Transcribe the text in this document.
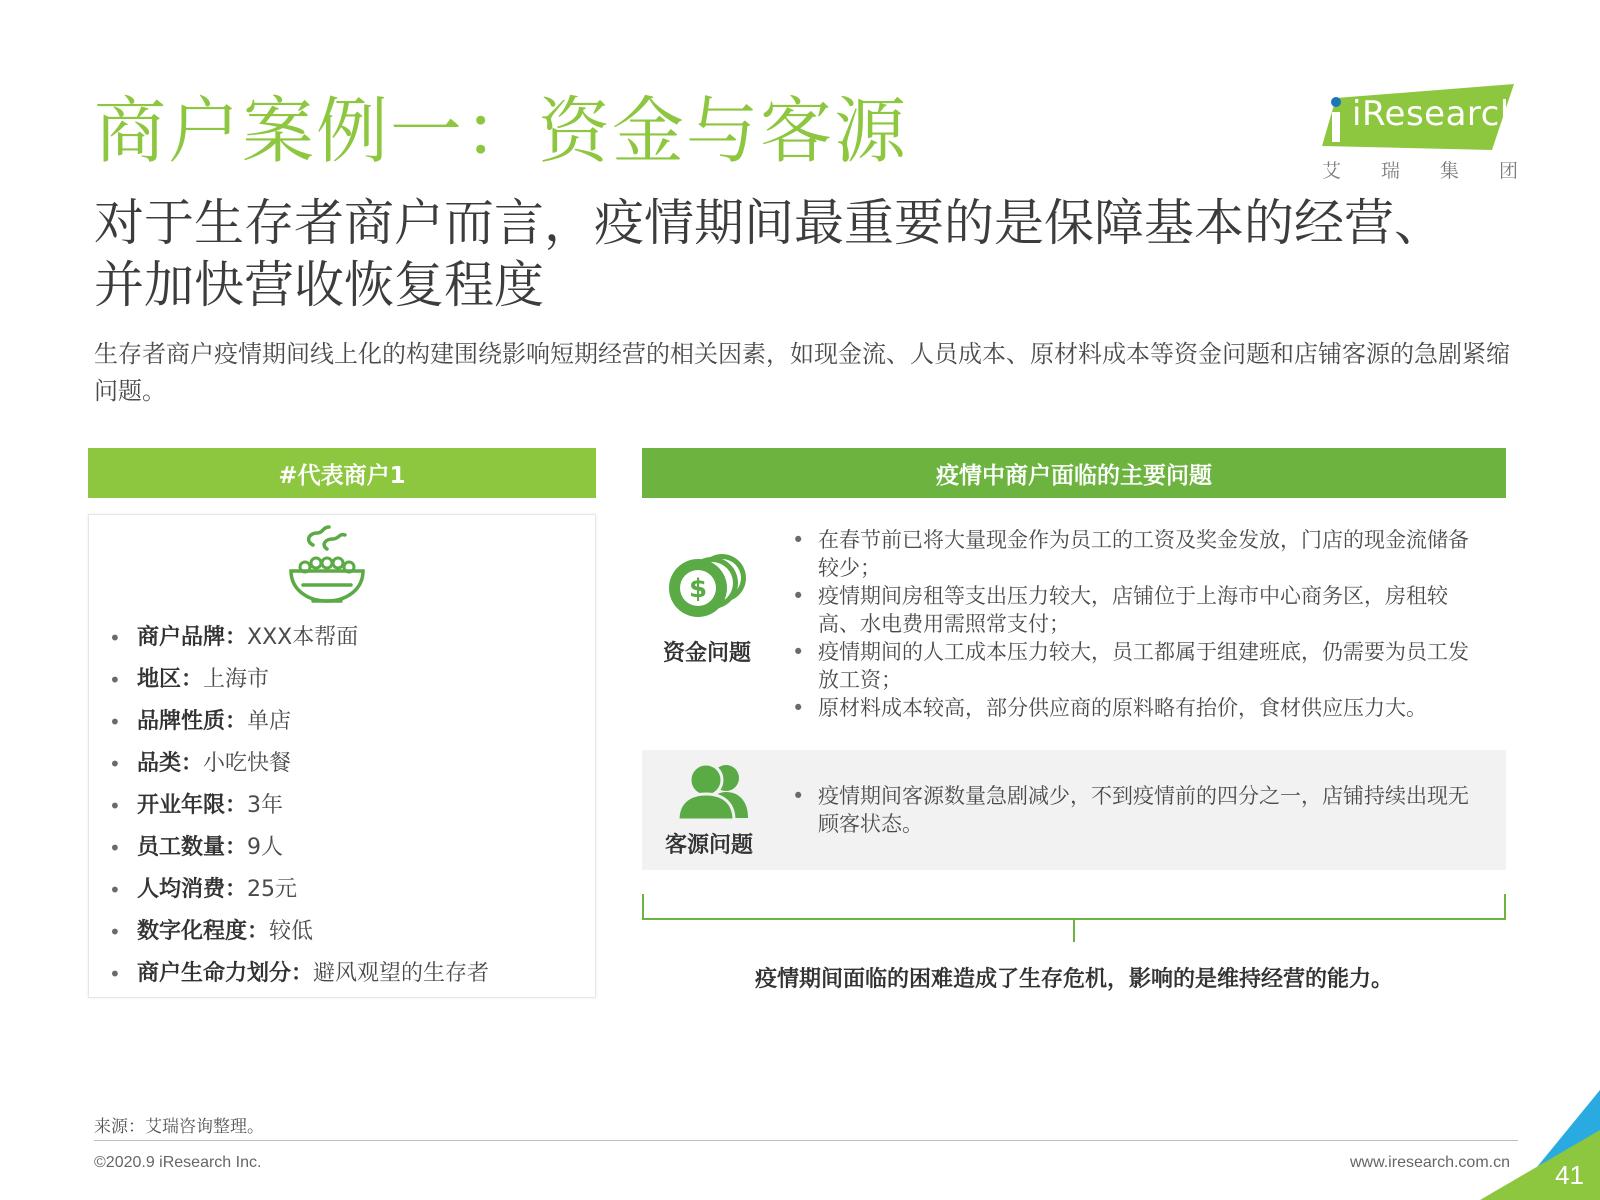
商户案例一：资金与客源	iResearch
艾 瑞 集 团
对于生存者商户而言，疫情期间最重要的是保障基本的经营、并加快营收恢复程度

生存者商户疫情期间线上化的构建围绕影响短期经营的相关因素，如现金流、人员成本、原材料成本等资金问题和店铺客源的急剧紧缩问题。

#代表商户1
• 商户品牌：XXX本帮面
• 地区：上海市
• 品牌性质：单店
• 品类：小吃快餐
• 开业年限：3年
• 员工数量：9人
• 人均消费：25元
• 数字化程度：较低
• 商户生命力划分：避风观望的生存者
疫情中商户面临的主要问题
$
资金问题
• 在春节前已将大量现金作为员工的工资及奖金发放，门店的现金流储备较少；
• 疫情期间房租等支出压力较大，店铺位于上海市中心商务区，房租较高、水电费用需照常支付；
• 疫情期间的人工成本压力较大，员工都属于组建班底，仍需要为员工发放工资；
• 原材料成本较高，部分供应商的原料略有抬价，食材供应压力大。
客源问题
• 疫情期间客源数量急剧减少，不到疫情前的四分之一，店铺持续出现无顾客状态。
疫情期间面临的困难造成了生存危机，影响的是维持经营的能力。
来源：艾瑞咨询整理。
©2020.9 iResearch Inc.	www.iresearch.com.cn 41
